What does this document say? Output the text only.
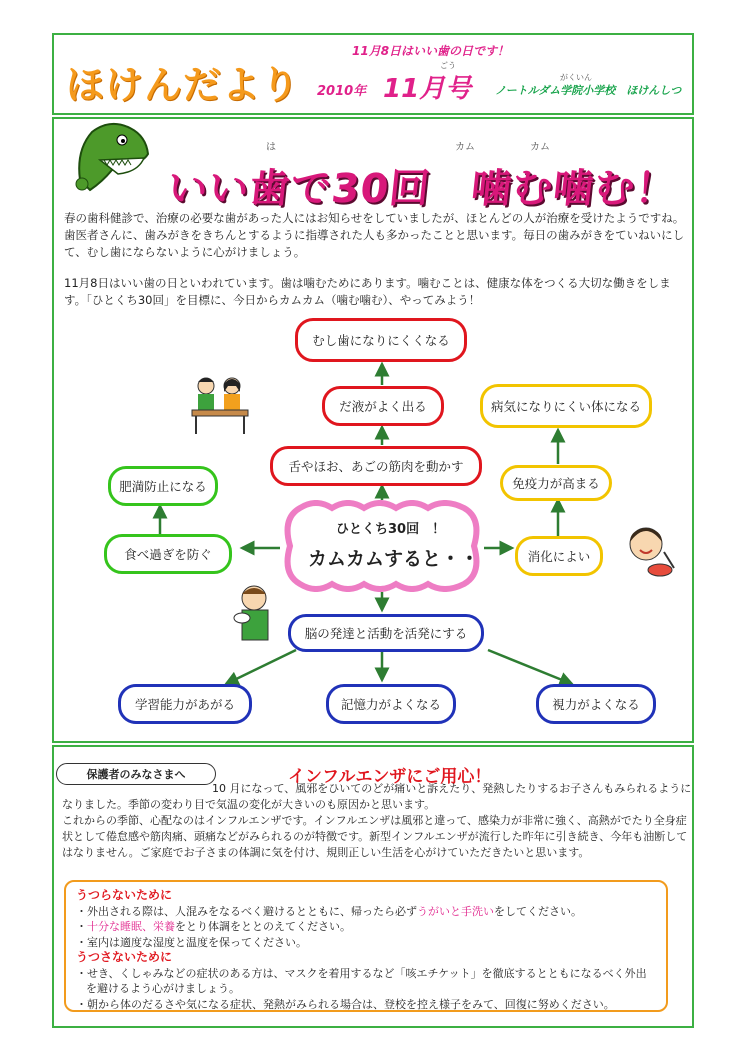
ほけんだより
11月8日はいい歯の日です！
2010年 11月号
ごう
ノートルダム学院小学校　ほけんしつ
がくいん
は	カム	カム
いい歯で30回　噛む噛む！
春の歯科健診で、治療の必要な歯があった人にはお知らせをしていましたが、ほとんどの人が治療を受けたようですね。歯医者さんに、歯みがきをきちんとするように指導された人も多かったことと思います。毎日の歯みがきをていねいにして、むし歯にならないように心がけましょう。
11月8日はいい歯の日といわれています。歯は噛むためにあります。噛むことは、健康な体をつくる大切な働きをします。「ひとくち30回」を目標に、今日からカムカム（噛む噛む）、やってみよう！
ひとくち30回　！
カムカムすると・・
むし歯になりにくくなる
だ液がよく出る
舌やほお、あごの筋肉を動かす
病気になりにくい体になる
免疫力が高まる
消化によい
肥満防止になる
食べ過ぎを防ぐ
脳の発達と活動を活発にする
学習能力があがる	記憶力がよくなる	視力がよくなる
保護者のみなさまへ	インフルエンザにご用心！
10 月になって、風邪をひいてのどが痛いと訴えたり、発熱したりするお子さんもみられるようになりました。季節の変わり目で気温の変化が大きいのも原因かと思います。
これからの季節、心配なのはインフルエンザです。インフルエンザは風邪と違って、感染力が非常に強く、高熱がでたり全身症状として倦怠感や筋肉痛、頭痛などがみられるのが特徴です。新型インフルエンザが流行した昨年に引き続き、今年も油断してはなりません。ご家庭でお子さまの体調に気を付け、規則正しい生活を心がけていただきたいと思います。
うつらないために
・外出される際は、人混みをなるべく避けるとともに、帰ったら必ずうがいと手洗いをしてください。
・十分な睡眠、栄養をとり体調をととのえてください。
・室内は適度な湿度と温度を保ってください。
うつさないために
・せき、くしゃみなどの症状のある方は、マスクを着用するなど「咳エチケット」を徹底するとともになるべく外出を避けるよう心がけましょう。
・朝から体のだるさや気になる症状、発熱がみられる場合は、登校を控え様子をみて、回復に努めください。
